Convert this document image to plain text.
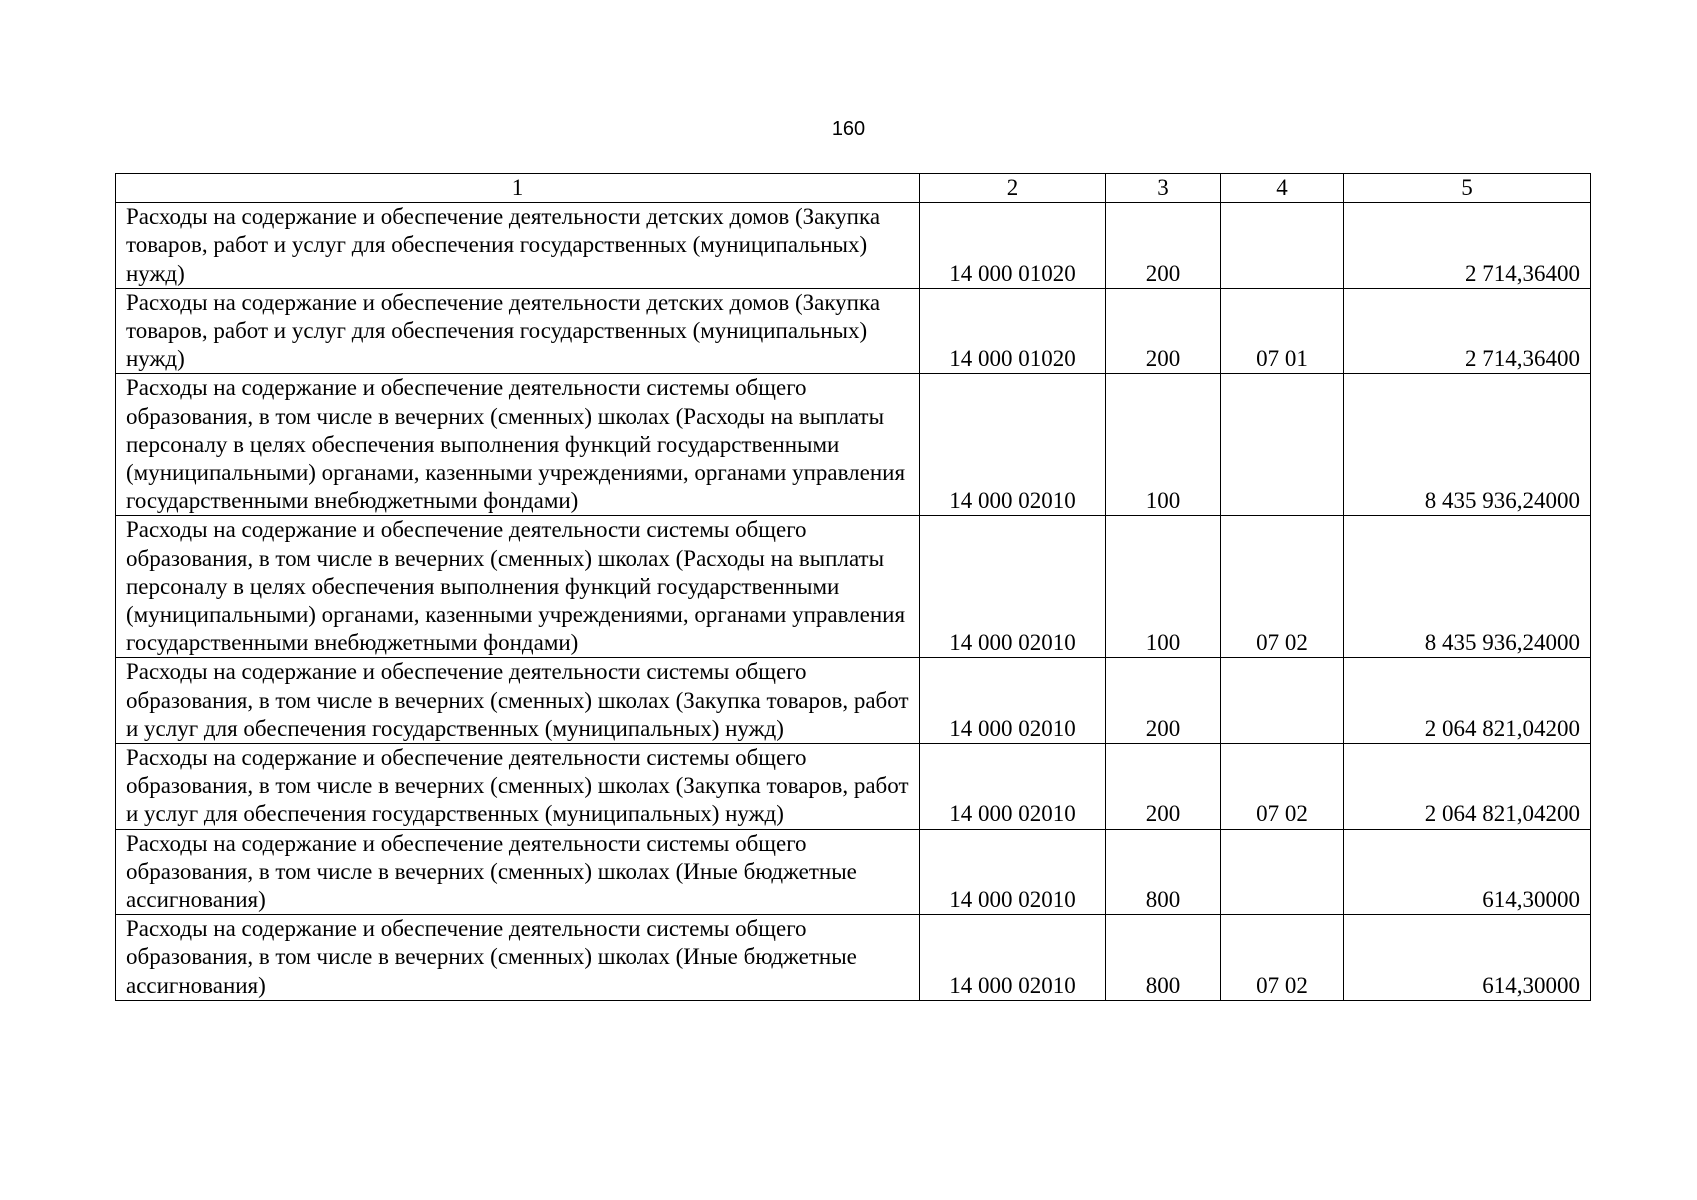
160
1	2	3	4	5
Расходы на содержание и обеспечение деятельности детских домов (Закупка товаров, работ и услуг для обеспечения государственных (муниципальных) нужд)	14 000 01020	200		2 714,36400
Расходы на содержание и обеспечение деятельности детских домов (Закупка товаров, работ и услуг для обеспечения государственных (муниципальных) нужд)	14 000 01020	200	07 01	2 714,36400
Расходы на содержание и обеспечение деятельности системы общего образования, в том числе в вечерних (сменных) школах (Расходы на выплаты персоналу в целях обеспечения выполнения функций государственными (муниципальными) органами, казенными учреждениями, органами управления государственными внебюджетными фондами)	14 000 02010	100		8 435 936,24000
Расходы на содержание и обеспечение деятельности системы общего образования, в том числе в вечерних (сменных) школах (Расходы на выплаты персоналу в целях обеспечения выполнения функций государственными (муниципальными) органами, казенными учреждениями, органами управления государственными внебюджетными фондами)	14 000 02010	100	07 02	8 435 936,24000
Расходы на содержание и обеспечение деятельности системы общего образования, в том числе в вечерних (сменных) школах (Закупка товаров, работ и услуг для обеспечения государственных (муниципальных) нужд)	14 000 02010	200		2 064 821,04200
Расходы на содержание и обеспечение деятельности системы общего образования, в том числе в вечерних (сменных) школах (Закупка товаров, работ и услуг для обеспечения государственных (муниципальных) нужд)	14 000 02010	200	07 02	2 064 821,04200
Расходы на содержание и обеспечение деятельности системы общего образования, в том числе в вечерних (сменных) школах (Иные бюджетные ассигнования)	14 000 02010	800		614,30000
Расходы на содержание и обеспечение деятельности системы общего образования, в том числе в вечерних (сменных) школах (Иные бюджетные ассигнования)	14 000 02010	800	07 02	614,30000
